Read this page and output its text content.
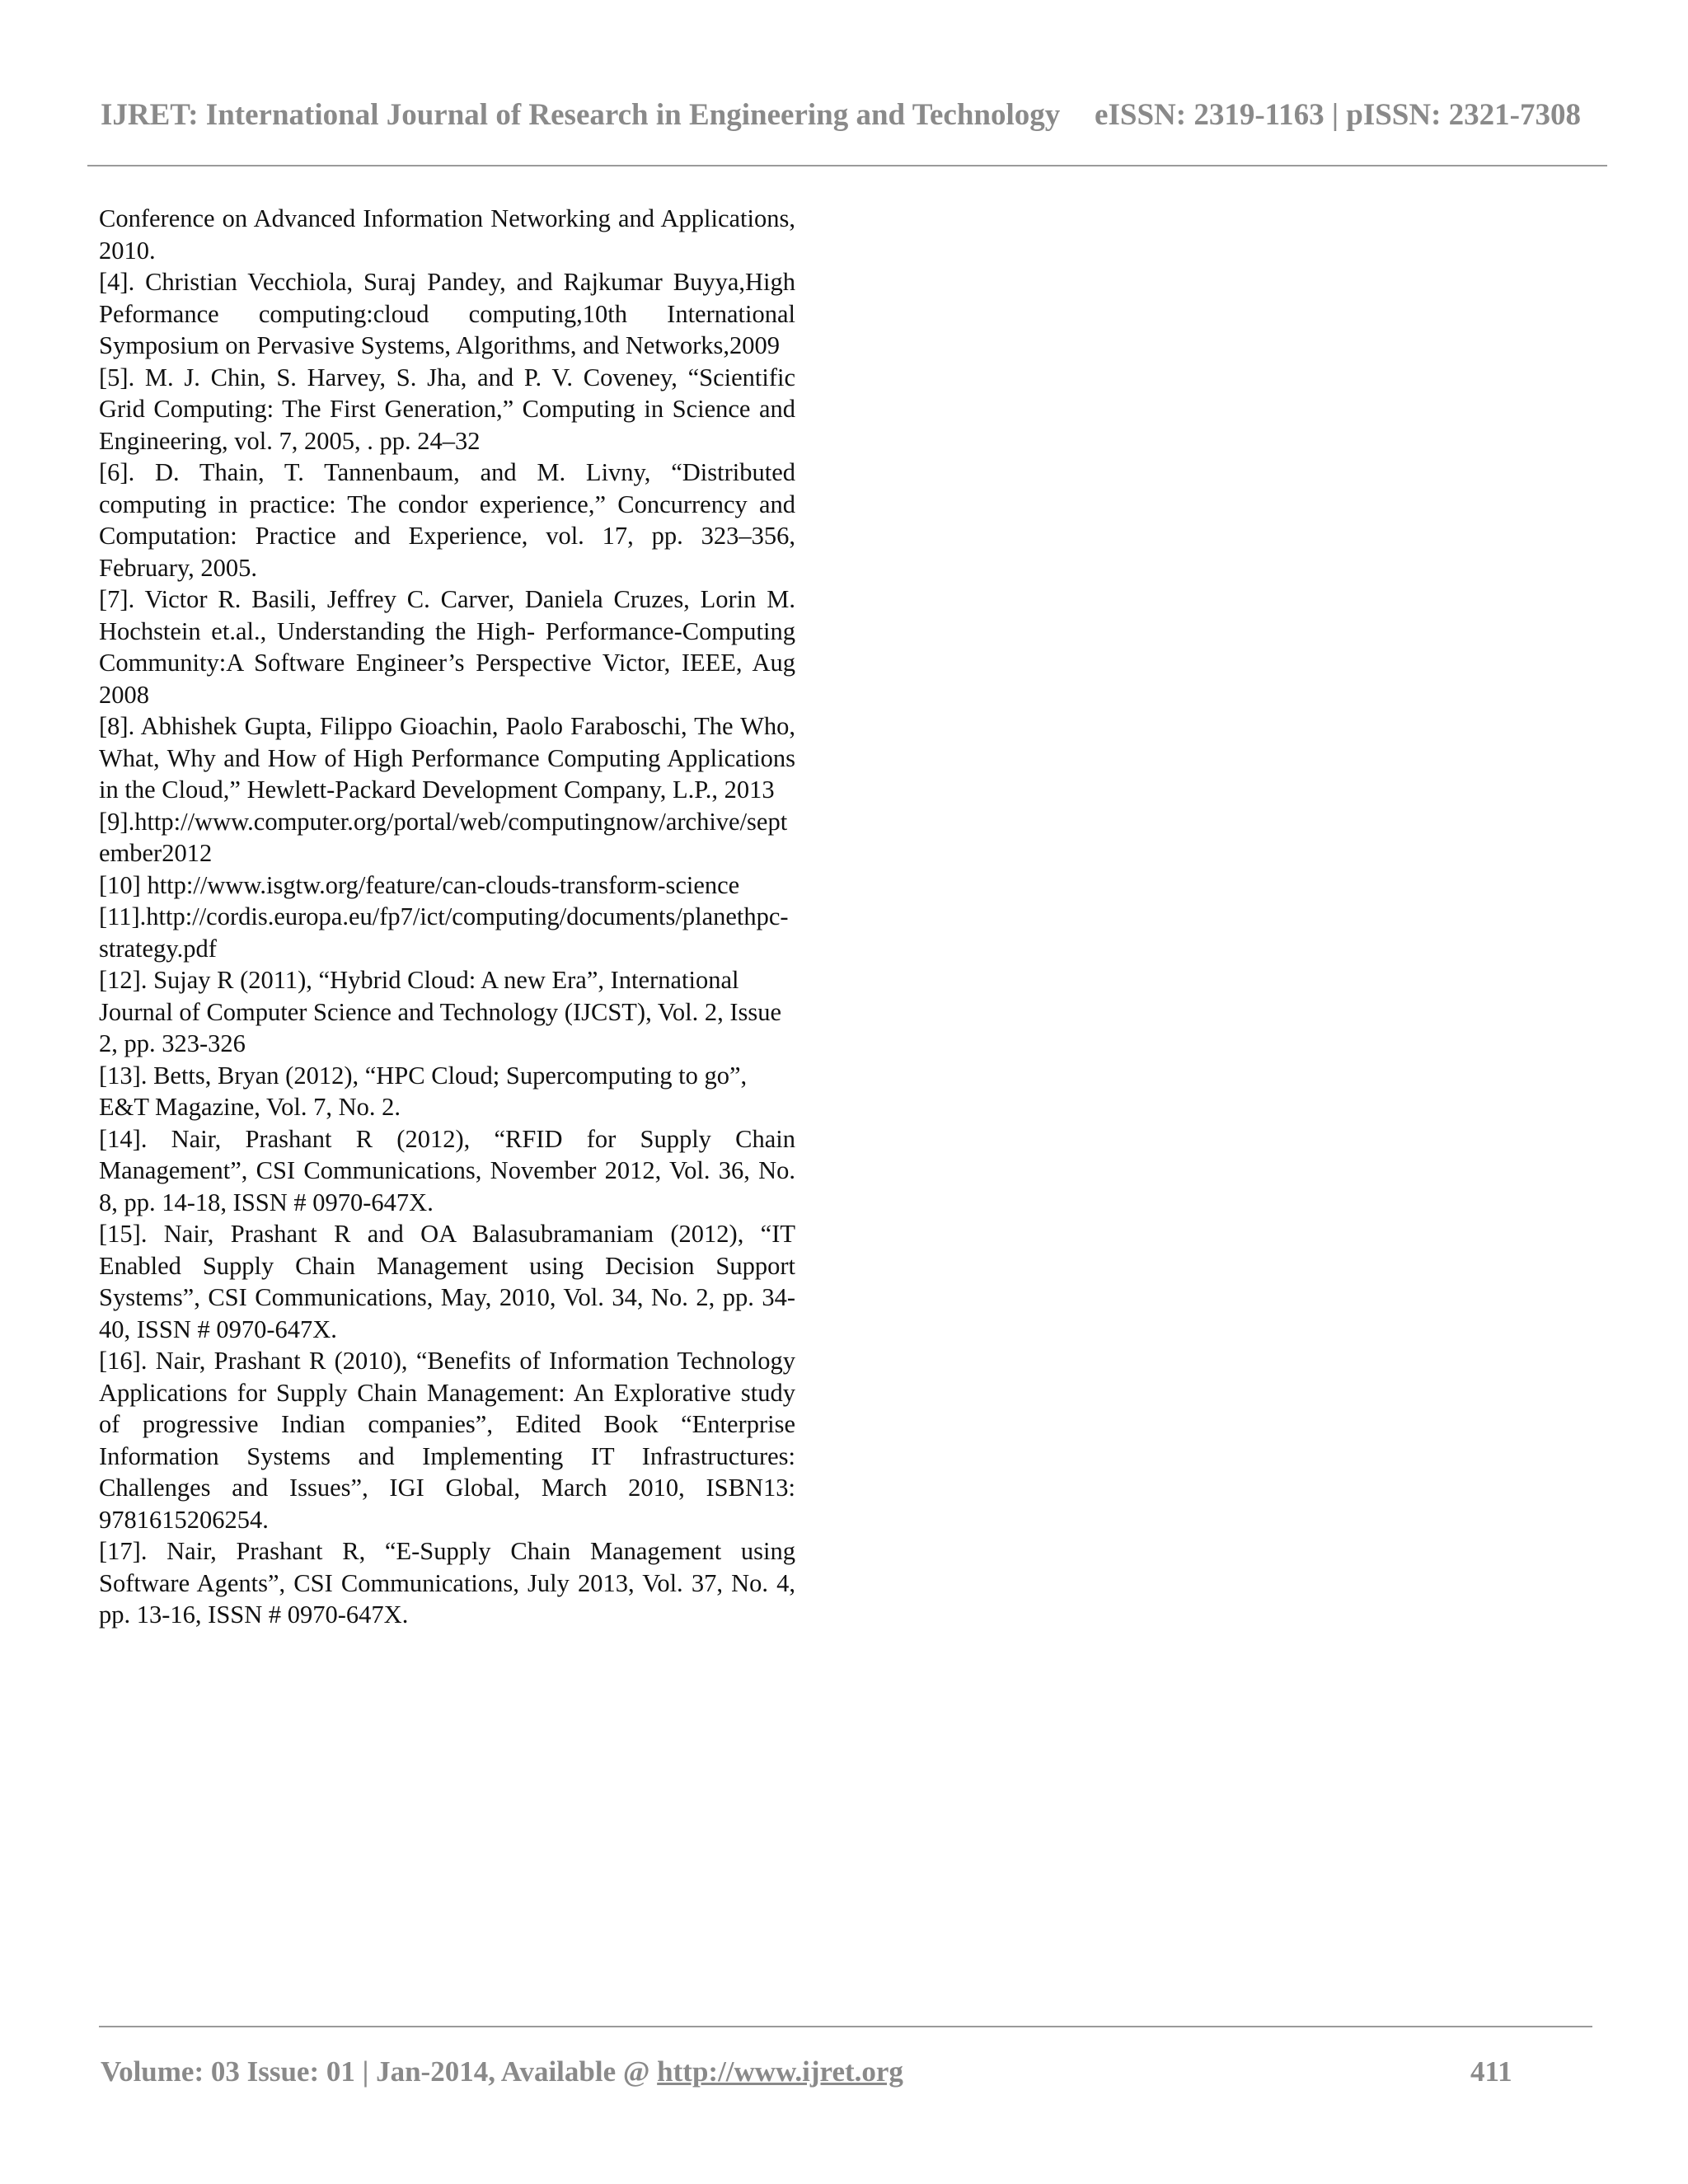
IJRET: International Journal of Research in Engineering and Technology eISSN: 2319-1163 | pISSN: 2321-7308

Conference on Advanced Information Networking and Applications, 2010.

[4]. Christian Vecchiola, Suraj Pandey, and Rajkumar Buyya,High Peformance computing:cloud computing,10th International Symposium on Pervasive Systems, Algorithms, and Networks,2009

[5]. M. J. Chin, S. Harvey, S. Jha, and P. V. Coveney, “Scientific Grid Computing: The First Generation,” Computing in Science and Engineering, vol. 7, 2005, . pp. 24–32

[6]. D. Thain, T. Tannenbaum, and M. Livny, “Distributed computing in practice: The condor experience,” Concurrency and Computation: Practice and Experience, vol. 17, pp. 323–356, February, 2005.

[7]. Victor R. Basili, Jeffrey C. Carver, Daniela Cruzes, Lorin M. Hochstein et.al., Understanding the High- Performance-Computing Community:A Software Engineer’s Perspective Victor, IEEE, Aug 2008

[8]. Abhishek Gupta, Filippo Gioachin, Paolo Faraboschi, The Who, What, Why and How of High Performance Computing Applications in the Cloud,” Hewlett-Packard Development Company, L.P., 2013

[9].http://www.computer.org/portal/web/computingnow/archive/september2012

[10] http://www.isgtw.org/feature/can-clouds-transform-science

[11].http://cordis.europa.eu/fp7/ict/computing/documents/planethpc-strategy.pdf

[12]. Sujay R (2011), “Hybrid Cloud: A new Era”, International Journal of Computer Science and Technology (IJCST), Vol. 2, Issue 2, pp. 323-326

[13]. Betts, Bryan (2012), “HPC Cloud; Supercomputing to go”, E&T Magazine, Vol. 7, No. 2.

[14]. Nair, Prashant R (2012), “RFID for Supply Chain Management”, CSI Communications, November 2012, Vol. 36, No. 8, pp. 14-18, ISSN # 0970-647X.

[15]. Nair, Prashant R and OA Balasubramaniam (2012), “IT Enabled Supply Chain Management using Decision Support Systems”, CSI Communications, May, 2010, Vol. 34, No. 2, pp. 34-40, ISSN # 0970-647X.

[16]. Nair, Prashant R (2010), “Benefits of Information Technology Applications for Supply Chain Management: An Explorative study of progressive Indian companies”, Edited Book “Enterprise Information Systems and Implementing IT Infrastructures: Challenges and Issues”, IGI Global, March 2010, ISBN13: 9781615206254.

[17]. Nair, Prashant R, “E-Supply Chain Management using Software Agents”, CSI Communications, July 2013, Vol. 37, No. 4, pp. 13-16, ISSN # 0970-647X.

Volume: 03 Issue: 01 | Jan-2014, Available @ http://www.ijret.org	411
